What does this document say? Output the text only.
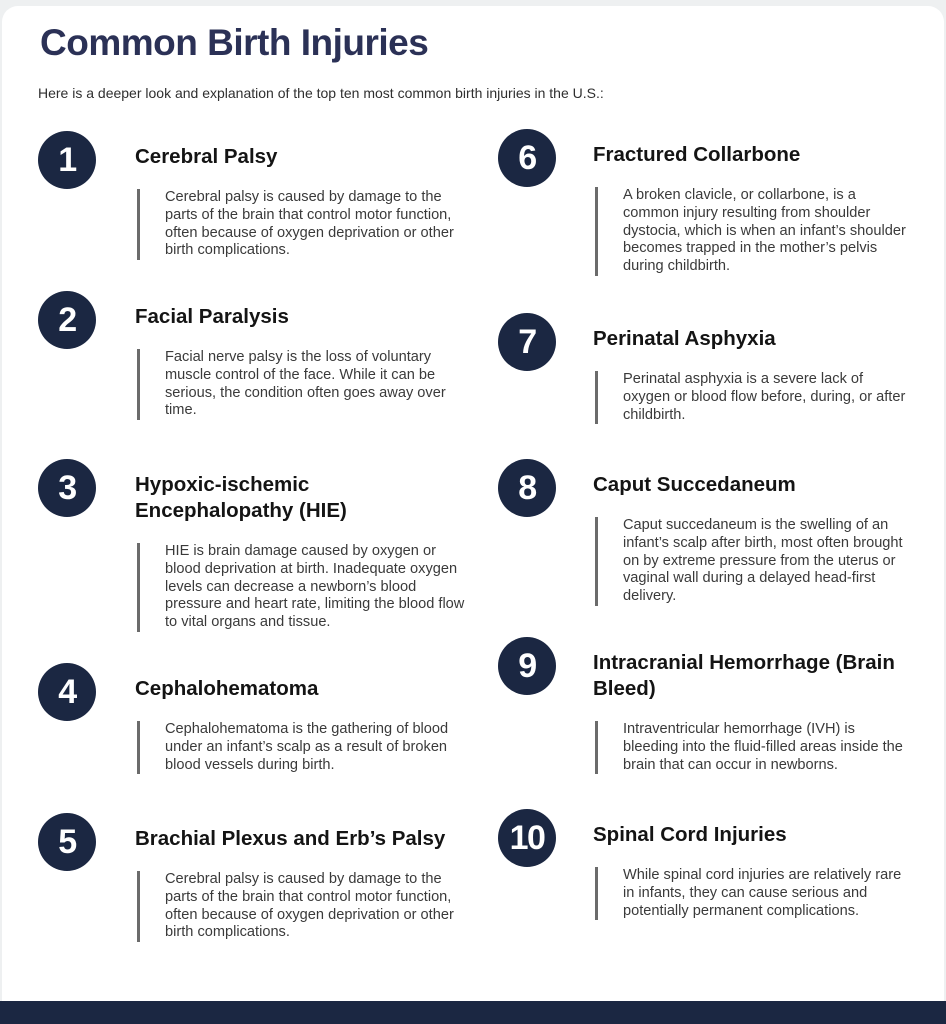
Common Birth Injuries
Here is a deeper look and explanation of the top ten most common birth injuries in the U.S.:
1	Cerebral Palsy
Cerebral palsy is caused by damage to the parts of the brain that control motor function, often because of oxygen deprivation or other birth complications.
2	Facial Paralysis
Facial nerve palsy is the loss of voluntary muscle control of the face. While it can be serious, the condition often goes away over time.
3	Hypoxic-ischemic Encephalopathy (HIE)
HIE is brain damage caused by oxygen or blood deprivation at birth. Inadequate oxygen levels can decrease a newborn’s blood pressure and heart rate, limiting the blood flow to vital organs and tissue.
4	Cephalohematoma
Cephalohematoma is the gathering of blood under an infant’s scalp as a result of broken blood vessels during birth.
5	Brachial Plexus and Erb’s Palsy
Cerebral palsy is caused by damage to the parts of the brain that control motor function, often because of oxygen deprivation or other birth complications.
6	Fractured Collarbone
A broken clavicle, or collarbone, is a common injury resulting from shoulder dystocia, which is when an infant’s shoulder becomes trapped in the mother’s pelvis during childbirth.
7	Perinatal Asphyxia
Perinatal asphyxia is a severe lack of oxygen or blood flow before, during, or after childbirth.
8	Caput Succedaneum
Caput succedaneum is the swelling of an infant’s scalp after birth, most often brought on by extreme pressure from the uterus or vaginal wall during a delayed head-first delivery.
9	Intracranial Hemorrhage (Brain Bleed)
Intraventricular hemorrhage (IVH) is bleeding into the fluid-filled areas inside the brain that can occur in newborns.
10 Spinal Cord Injuries
While spinal cord injuries are relatively rare in infants, they can cause serious and potentially permanent complications.
